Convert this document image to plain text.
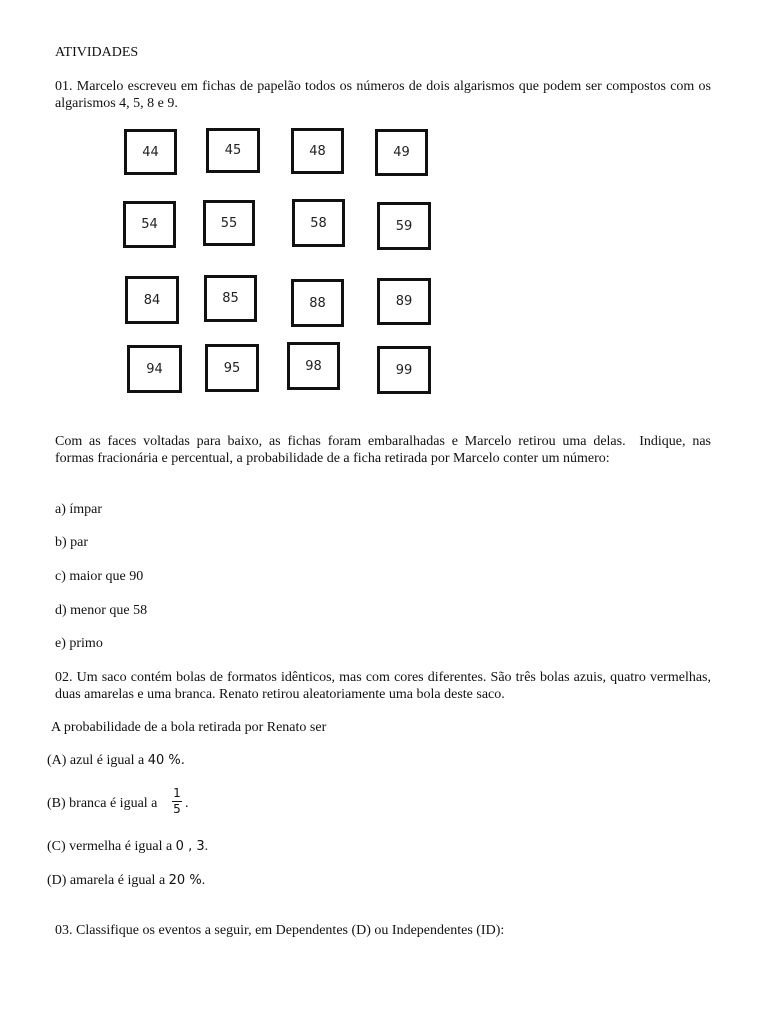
ATIVIDADES
01. Marcelo escreveu em fichas de papelão todos os números de dois algarismos que podem ser compostos com os algarismos 4, 5, 8 e 9.
44	45	48	49
54	55	58	59
84	85	88	89
94	95	98	99
Com as faces voltadas para baixo, as fichas foram embaralhadas e Marcelo retirou uma delas.  Indique, nas        formas fracionária e percentual, a probabilidade de a ficha retirada por Marcelo conter um número:
a) ímpar
b) par
c) maior que 90
d) menor que 58
e) primo
02. Um saco contém bolas de formatos idênticos, mas com cores diferentes. São três bolas azuis, quatro vermelhas, duas amarelas e uma branca. Renato retirou aleatoriamente uma bola deste saco.
A probabilidade de a bola retirada por Renato ser
(A) azul é igual a 40 %.
(B) branca é igual a
1
5 .
(C) vermelha é igual a 0 , 3.
(D) amarela é igual a 20 %.
03. Classifique os eventos a seguir, em Dependentes (D) ou Independentes (ID):
